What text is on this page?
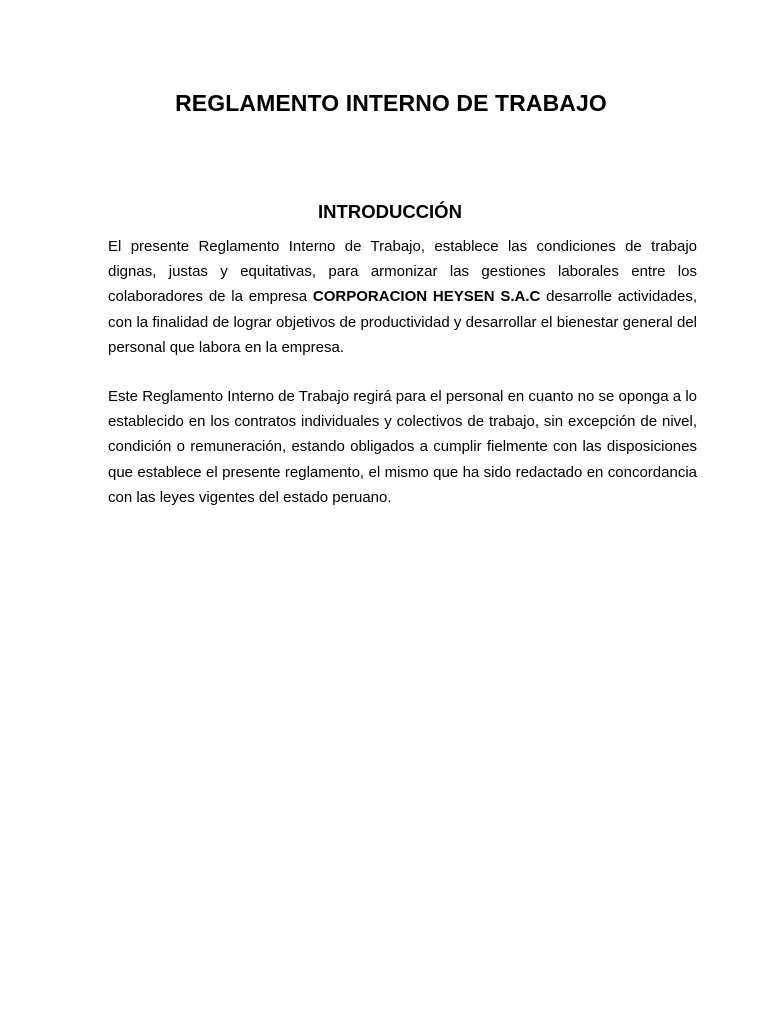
REGLAMENTO INTERNO DE TRABAJO
INTRODUCCIÓN

El presente Reglamento Interno de Trabajo, establece las condiciones de trabajo dignas, justas y equitativas, para armonizar las gestiones laborales entre los colaboradores de la empresa CORPORACION HEYSEN S.A.C desarrolle actividades, con la finalidad de lograr objetivos de productividad y desarrollar el bienestar general del personal que labora en la empresa.

Este Reglamento Interno de Trabajo regirá para el personal en cuanto no se oponga a lo establecido en los contratos individuales y colectivos de trabajo, sin excepción de nivel, condición o remuneración, estando obligados a cumplir fielmente con las disposiciones que establece el presente reglamento, el mismo que ha sido redactado en concordancia con las leyes vigentes del estado peruano.
